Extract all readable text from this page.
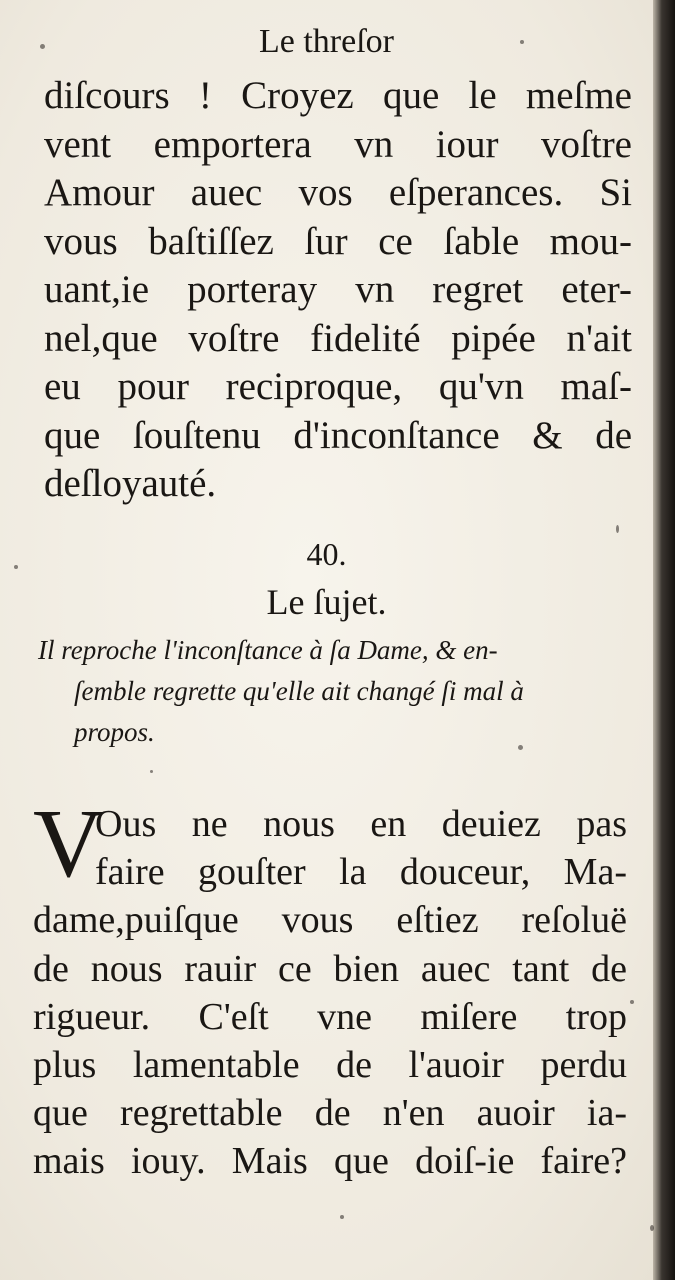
Le threſor
diſcours ! Croyez que le meſme
vent emportera vn iour voſtre
Amour auec vos eſperances. Si
vous baſtiſſez ſur ce ſable mou-
uant,ie porteray vn regret eter-
nel,que voſtre fidelité pipée n'ait
eu pour reciproque, qu'vn maſ-
que ſouſtenu d'inconſtance & de
deſloyauté.
40.
Le ſujet.
Il reproche l'inconſtance à ſa Dame, & en-
ſemble regrette qu'elle ait changé ſi mal à
propos.
V
Ous ne nous en deuiez pas
faire gouſter la douceur, Ma-
dame,puiſque vous eſtiez reſoluë
de nous rauir ce bien auec tant de
rigueur. C'eſt vne miſere trop
plus lamentable de l'auoir perdu
que regrettable de n'en auoir ia-
mais iouy. Mais que doiſ-ie faire?
